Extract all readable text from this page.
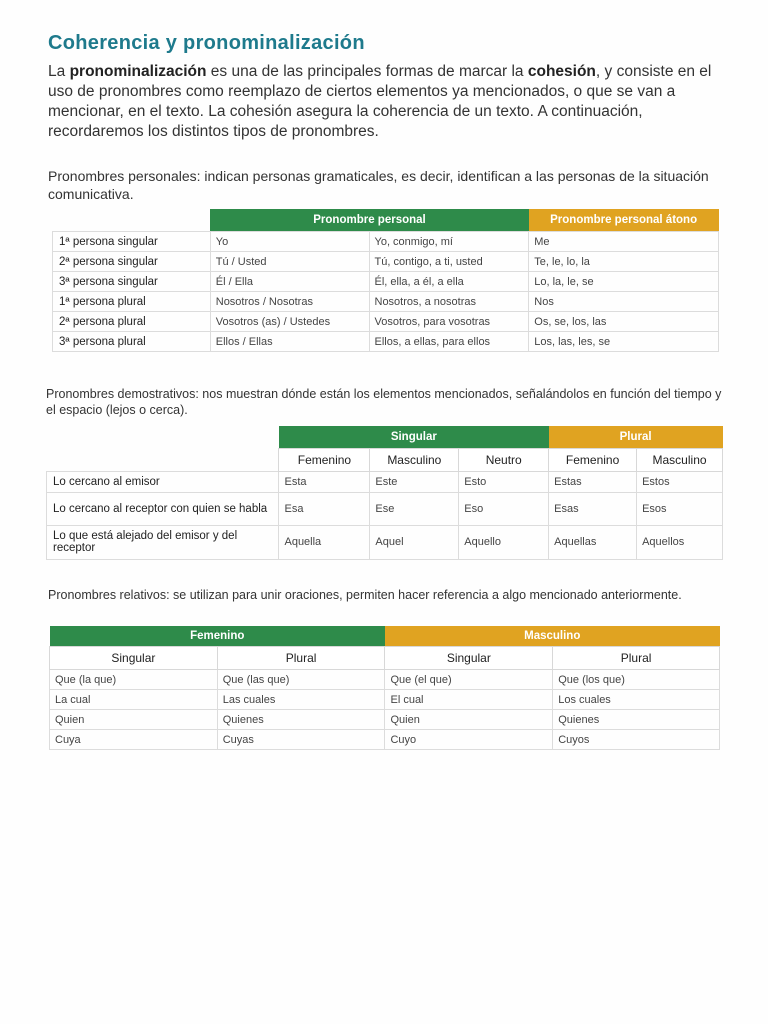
Coherencia y pronominalización
La pronominalización es una de las principales formas de marcar la cohesión, y consiste en el uso de pronombres como reemplazo de ciertos elementos ya mencionados, o que se van a mencionar, en el texto. La cohesión asegura la coherencia de un texto. A continuación, recordaremos los distintos tipos de pronombres.
Pronombres personales: indican personas gramaticales, es decir, identifican a las personas de la situación comunicativa.
	Pronombre personal		Pronombre personal átono
1ª persona singular	Yo	Yo, conmigo, mí	Me
2ª persona singular	Tú / Usted	Tú, contigo, a ti, usted	Te, le, lo, la
3ª persona singular	Él / Ella	Él, ella, a él, a ella	Lo, la, le, se
1ª persona plural	Nosotros / Nosotras	Nosotros, a nosotras	Nos
2ª persona plural	Vosotros (as) / Ustedes	Vosotros, para vosotras	Os, se, los, las
3ª persona plural	Ellos / Ellas	Ellos, a ellas, para ellos	Los, las, les, se
Pronombres demostrativos: nos muestran dónde están los elementos mencionados, señalándolos en función del tiempo y el espacio (lejos o cerca).
	Singular			Plural	
	Femenino	Masculino	Neutro	Femenino	Masculino
Lo cercano al emisor	Esta	Este	Esto	Estas	Estos
Lo cercano al receptor con quien se habla	Esa	Ese	Eso	Esas	Esos
Lo que está alejado del emisor y del receptor	Aquella	Aquel	Aquello	Aquellas	Aquellos
Pronombres relativos: se utilizan para unir oraciones, permiten hacer referencia a algo mencionado anteriormente.
Femenino		Masculino	
Singular	Plural	Singular	Plural
Que (la que)	Que (las que)	Que (el que)	Que (los que)
La cual	Las cuales	El cual	Los cuales
Quien	Quienes	Quien	Quienes
Cuya	Cuyas	Cuyo	Cuyos
